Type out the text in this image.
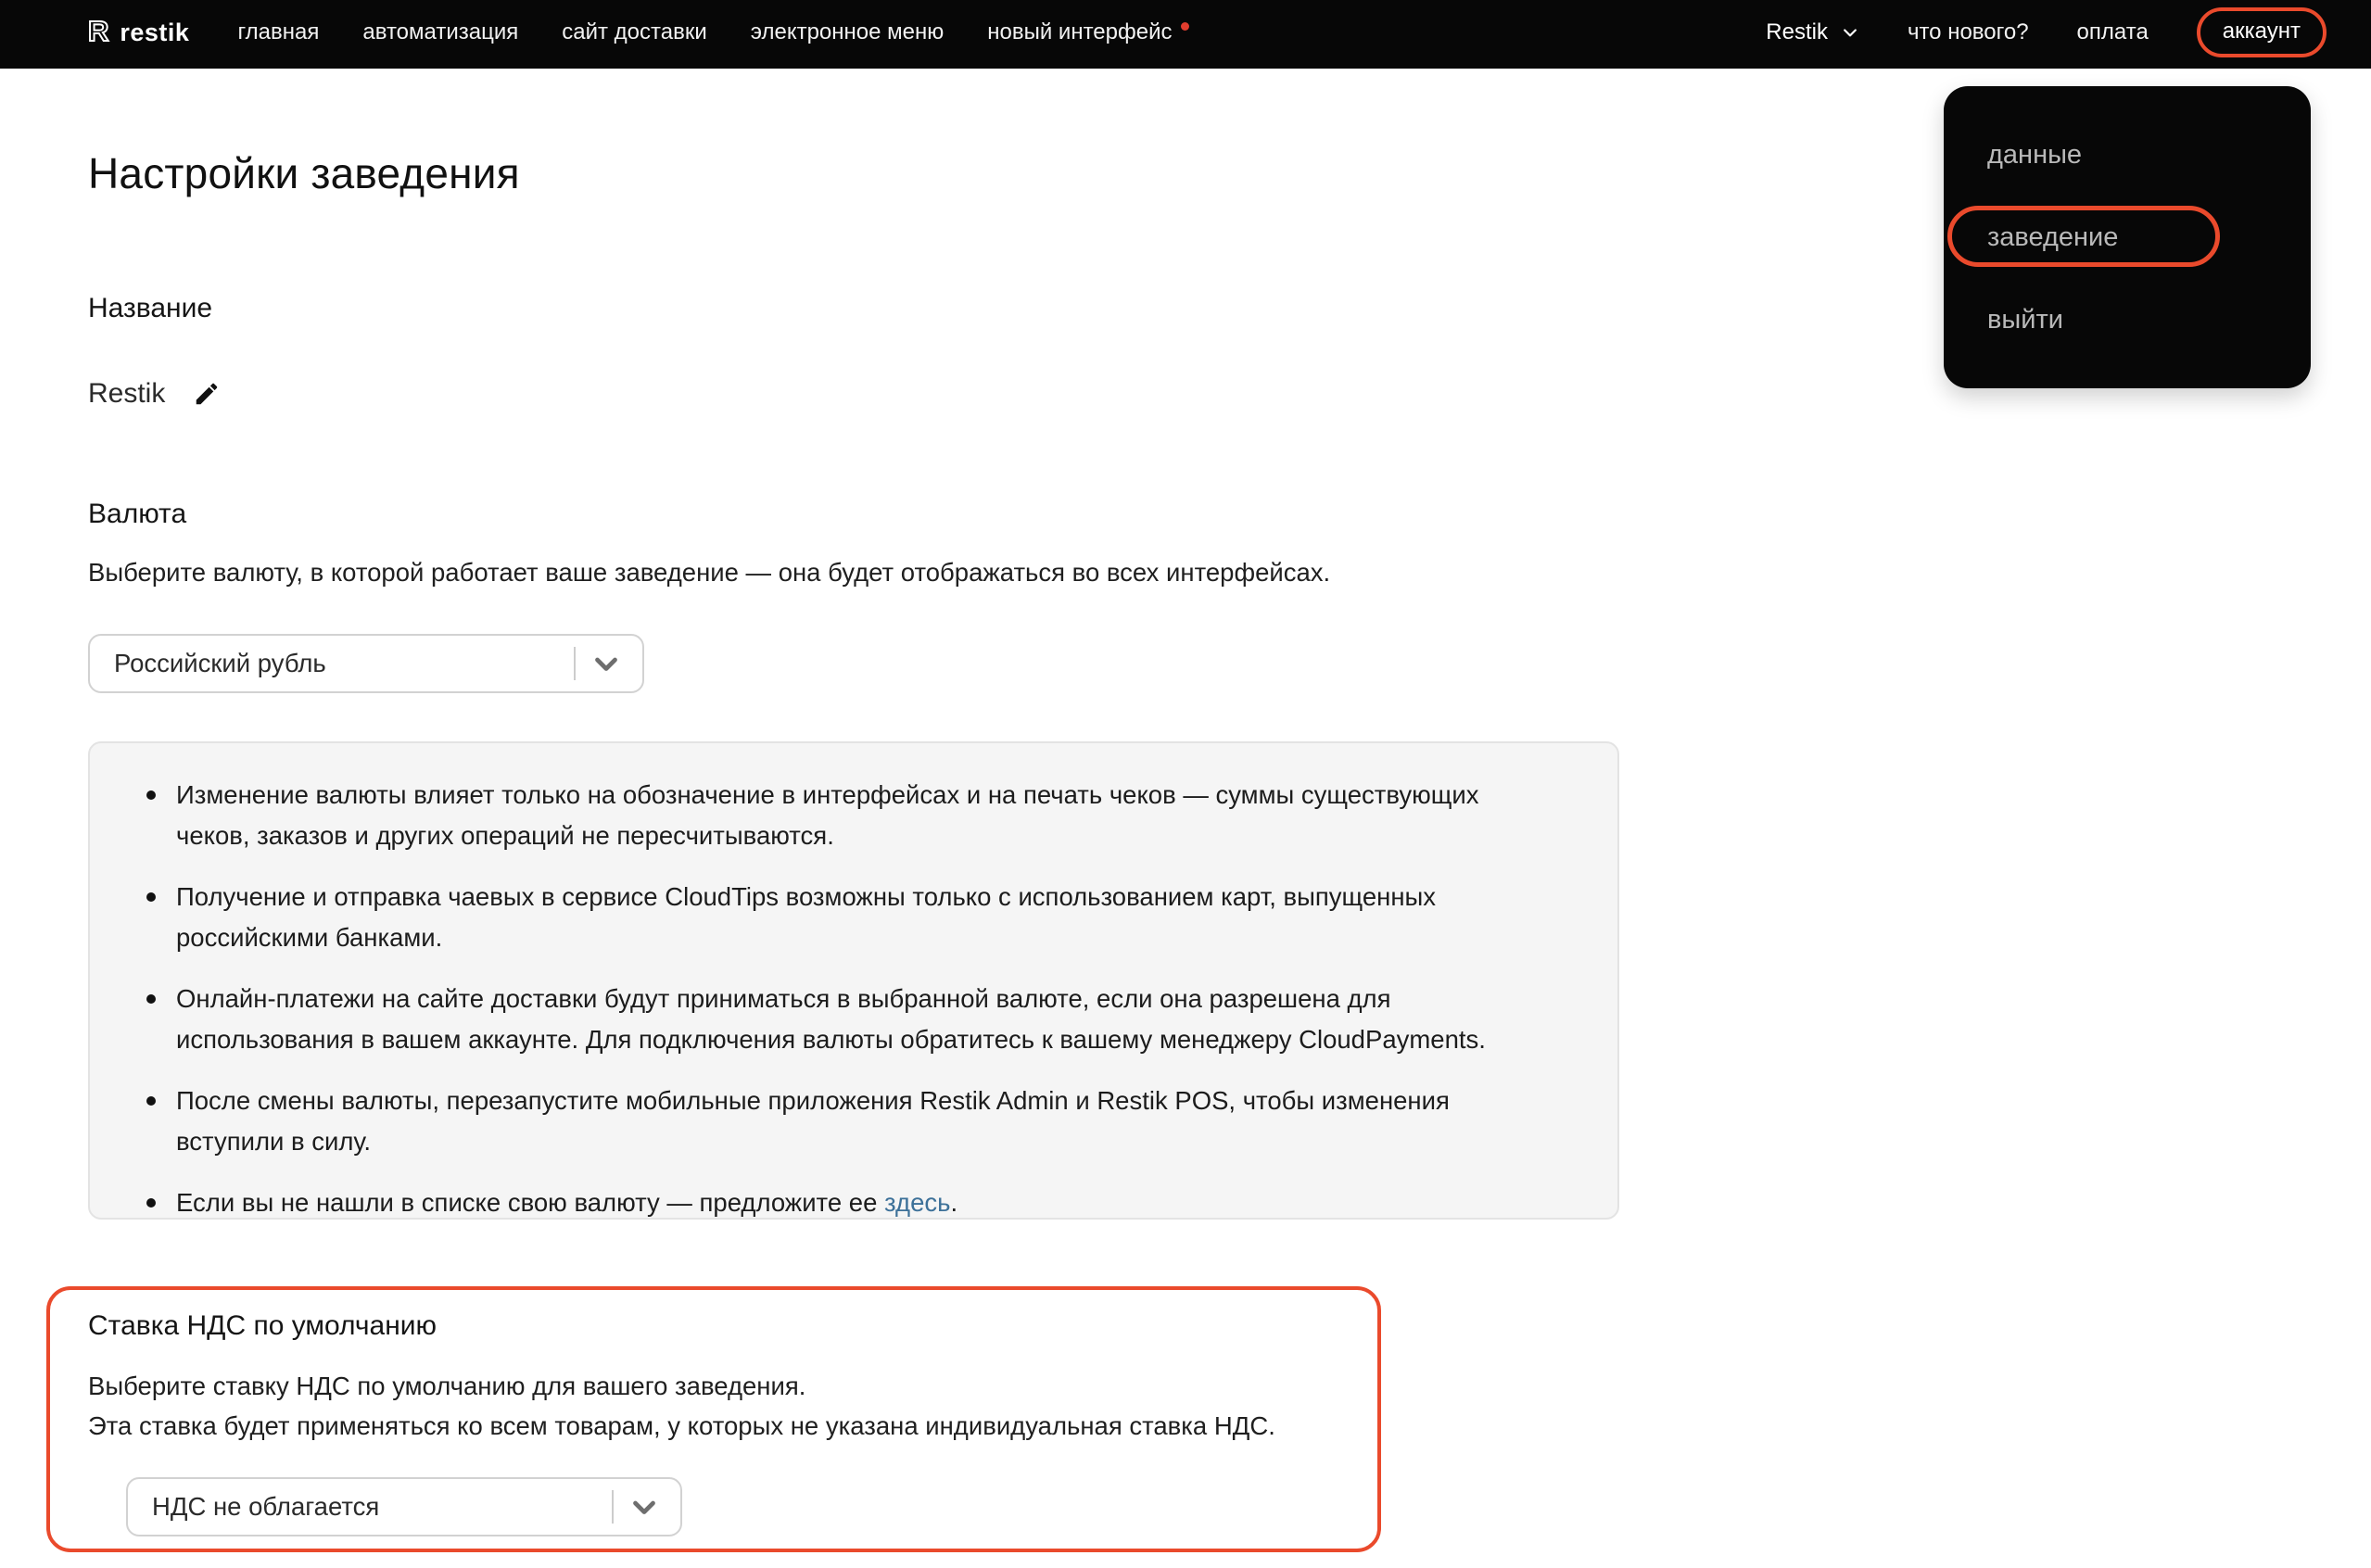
R restik главная автоматизация сайт доставки электронное меню новый интерфейс	Restik	что нового? оплата	аккаунт
данные
заведение
выйти
Настройки заведения
Название
Restik
Валюта

Выберите валюту, в которой работает ваше заведение — она будет отображаться во всех интерфейсах.

Российский рубль
Изменение валюты влияет только на обозначение в интерфейсах и на печать чеков — суммы существующих чеков, заказов и других операций не пересчитываются.
Получение и отправка чаевых в сервисе CloudTips возможны только с использованием карт, выпущенных российскими банками.
Онлайн-платежи на сайте доставки будут приниматься в выбранной валюте, если она разрешена для использования в вашем аккаунте. Для подключения валюты обратитесь к вашему менеджеру CloudPayments.
После смены валюты, перезапустите мобильные приложения Restik Admin и Restik POS, чтобы изменения вступили в силу.
Если вы не нашли в списке свою валюту — предложите ее здесь.
Ставка НДС по умолчанию
Выберите ставку НДС по умолчанию для вашего заведения.
Эта ставка будет применяться ко всем товарам, у которых не указана индивидуальная ставка НДС.
НДС не облагается
